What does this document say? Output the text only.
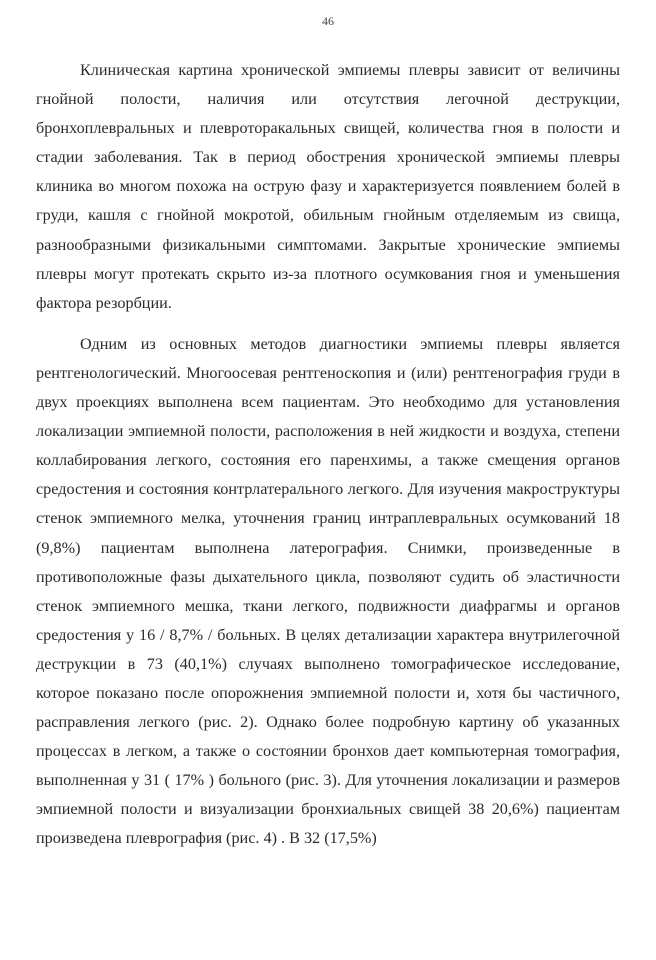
46

Клиническая картина хронической эмпиемы плевры зависит от величины гнойной полости, наличия или отсутствия легочной деструкции, бронхоплевральных и плевроторакальных свищей, количества гноя в полости и стадии заболевания. Так в период обострения хронической эмпиемы плевры клиника во многом похожа на острую фазу и характеризуется появлением болей в груди, кашля с гнойной мокротой, обильным гнойным отделяемым из свища, разнообразными физикальными симптомами. Закрытые хронические эмпиемы плевры могут протекать скрыто из-за плотного осумкования гноя и уменьшения фактора резорбции.

Одним из основных методов диагностики эмпиемы плевры является рентгенологический. Многоосевая рентгеноскопия и (или) рентгенография груди в двух проекциях выполнена всем пациентам. Это необходимо для установления локализации эмпиемной полости, расположения в ней жидкости и воздуха, степени коллабирования легкого, состояния его паренхимы, а также смещения органов средостения и состояния контрлатерального легкого. Для изучения макроструктуры стенок эмпиемного мелка, уточнения границ интраплевральных осумкований 18 (9,8%) пациентам выполнена латерография. Снимки, произведенные в противоположные фазы дыхательного цикла, позволяют судить об эластичности стенок эмпиемного мешка, ткани легкого, подвижности диафрагмы и органов средостения у 16 / 8,7% / больных. В целях детализации характера внутрилегочной деструкции в 73 (40,1%) случаях выполнено томографическое исследование, которое показано после опорожнения эмпиемной полости и, хотя бы частичного, расправления легкого (рис. 2). Однако более подробную картину об указанных процессах в легком, а также о состоянии бронхов дает компьютерная томография, выполненная у 31 ( 17% ) больного (рис. 3). Для уточнения локализации и размеров эмпиемной полости и визуализации бронхиальных свищей 38 20,6%) пациентам произведена плеврография (рис. 4) . В 32 (17,5%)
